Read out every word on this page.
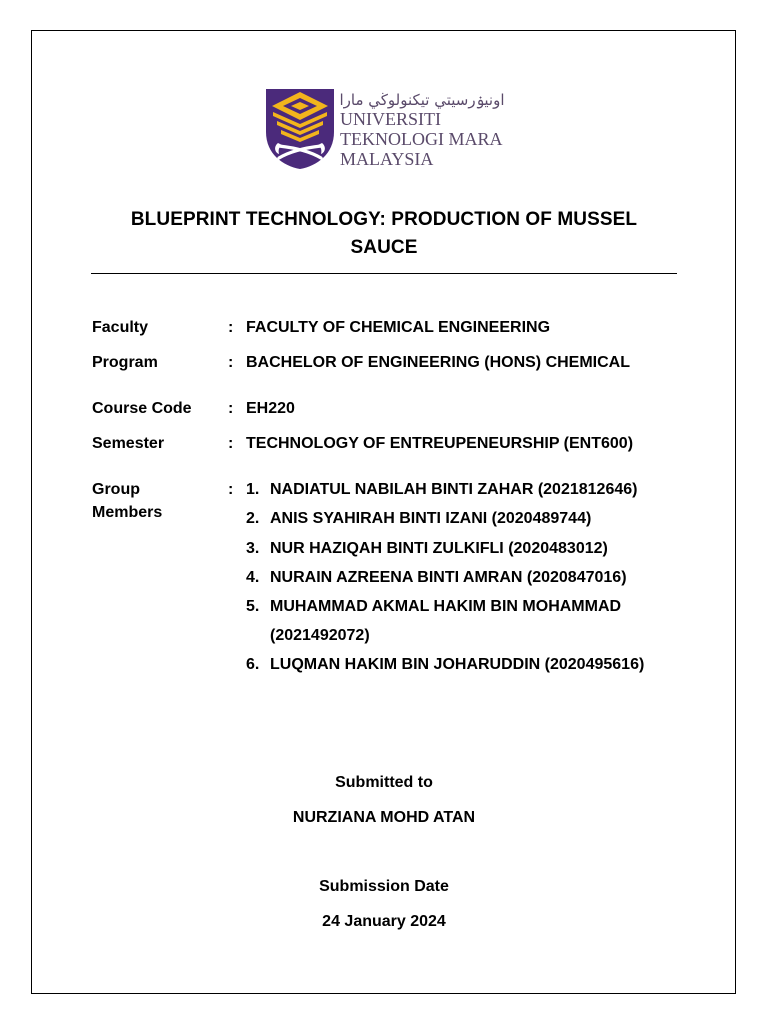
اونيۏرسيتي تيكنولوڬي مارا
UNIVERSITI
TEKNOLOGI MARA
MALAYSIA
BLUEPRINT TECHNOLOGY: PRODUCTION OF MUSSEL
SAUCE
Faculty	: FACULTY OF CHEMICAL ENGINEERING
Program	: BACHELOR OF ENGINEERING (HONS) CHEMICAL
Course Code : EH220
Semester	: TECHNOLOGY OF ENTREUPENEURSHIP (ENT600)
Group
Members
: 1. NADIATUL NABILAH BINTI ZAHAR (2021812646)
2. ANIS SYAHIRAH BINTI IZANI (2020489744)
3. NUR HAZIQAH BINTI ZULKIFLI (2020483012)
4. NURAIN AZREENA BINTI AMRAN (2020847016)
5. MUHAMMAD AKMAL HAKIM BIN MOHAMMAD
(2021492072)
6. LUQMAN HAKIM BIN JOHARUDDIN (2020495616)
Submitted to
NURZIANA MOHD ATAN
Submission Date
24 January 2024
